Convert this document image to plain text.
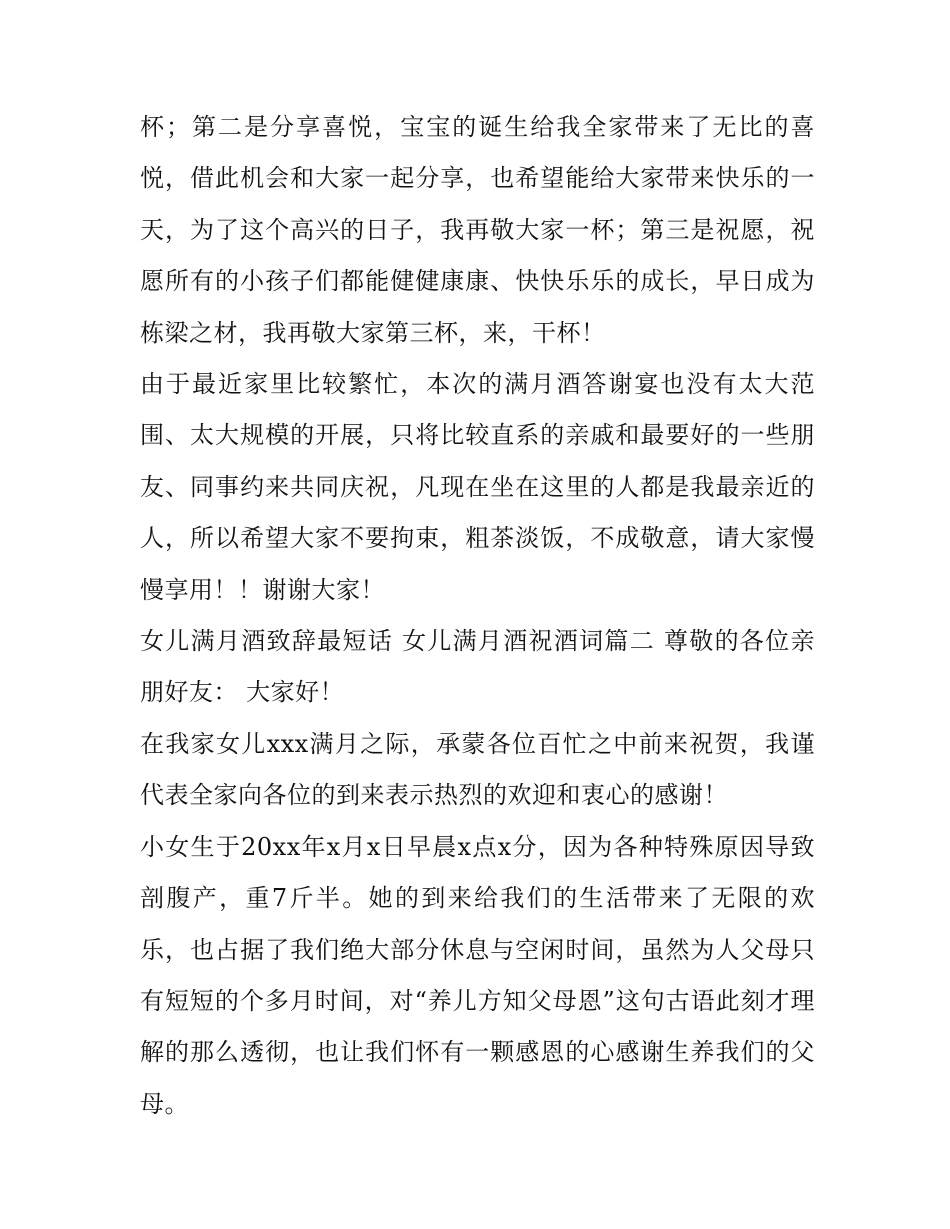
杯；第二是分享喜悦，宝宝的诞生给我全家带来了无比的喜悦，借此机会和大家一起分享，也希望能给大家带来快乐的一天，为了这个高兴的日子，我再敬大家一杯；第三是祝愿，祝愿所有的小孩子们都能健健康康、快快乐乐的成长，早日成为栋梁之材，我再敬大家第三杯，来，干杯！

由于最近家里比较繁忙，本次的满月酒答谢宴也没有太大范围、太大规模的开展，只将比较直系的亲戚和最要好的一些朋友、同事约来共同庆祝，凡现在坐在这里的人都是我最亲近的人，所以希望大家不要拘束，粗茶淡饭，不成敬意，请大家慢慢享用！！谢谢大家！

女儿满月酒致辞最短话 女儿满月酒祝酒词篇二 尊敬的各位亲朋好友： 大家好！

在我家女儿xxx满月之际，承蒙各位百忙之中前来祝贺，我谨代表全家向各位的到来表示热烈的欢迎和衷心的感谢！

小女生于20xx年x月x日早晨x点x分，因为各种特殊原因导致剖腹产，重7斤半。她的到来给我们的生活带来了无限的欢乐，也占据了我们绝大部分休息与空闲时间，虽然为人父母只有短短的个多月时间，对“养儿方知父母恩”这句古语此刻才理解的那么透彻，也让我们怀有一颗感恩的心感谢生养我们的父母。
